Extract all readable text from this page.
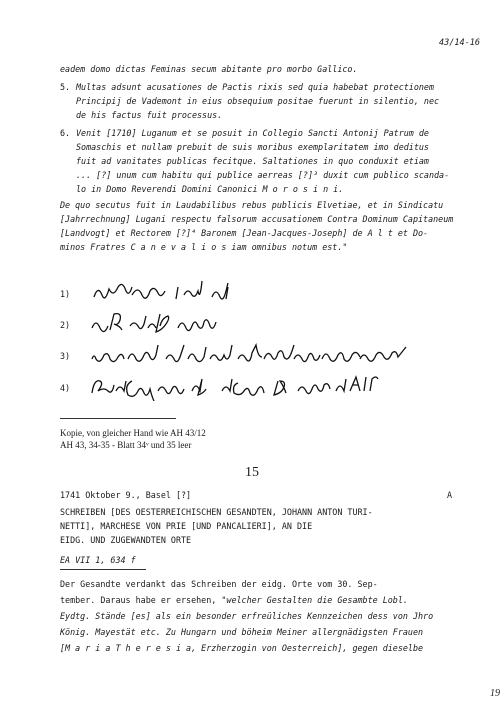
43/14-16
eadem domo dictas Feminas secum abitante pro morbo Gallico.
5. Multas adsunt acusationes de Pactis rixis sed quia habebat protectionem
Principij de Vademont in eius obsequium positae fuerunt in silentio, nec
de his factus fuit processus.
6. Venit [1710] Luganum et se posuit in Collegio Sancti Antonij Patrum de
Somaschis et nullam prebuit de suis moribus exemplaritatem imo deditus
fuit ad vanitates publicas fecitque. Saltationes in quo conduxit etiam
... [?] unum cum habitu qui publice aerreas [?]³ duxit cum publico scanda-
lo in Domo Reverendi Domini Canonici M o r o s i n i.
De quo secutus fuit in Laudabilibus rebus publicis Elvetiae, et in Sindicatu
[Jahrrechnung] Lugani respectu falsorum accusationem Contra Dominum Capitaneum
[Landvogt] et Rectorem [?]⁴ Baronem [Jean-Jacques-Joseph] de A l t et Do-
minos Fratres C a n e v a l i o s iam omnibus notum est."
1)
2)
3)
4)
Kopie, von gleicher Hand wie AH 43/12
AH 43, 34-35 - Blatt 34ᵛ und 35 leer
15
1741 Oktober 9., Basel [?]	A
SCHREIBEN [DES OESTERREICHISCHEN GESANDTEN, JOHANN ANTON TURI-
NETTI], MARCHESE VON PRIE [UND PANCALIERI], AN DIE
EIDG. UND ZUGEWANDTEN ORTE
EA VII 1, 634 f
Der Gesandte verdankt das Schreiben der eidg. Orte vom 30. Sep-
tember. Daraus habe er ersehen, "welcher Gestalten die Gesambte Lobl.
Eydtg. Stände [es] als ein besonder erfreüliches Kennzeichen dess von Jhro
König. Mayestät etc. Zu Hungarn und böheim Meiner allergnädigsten Frauen
[M a r i a T h e r e s i a, Erzherzogin von Oesterreich], gegen dieselbe
19
